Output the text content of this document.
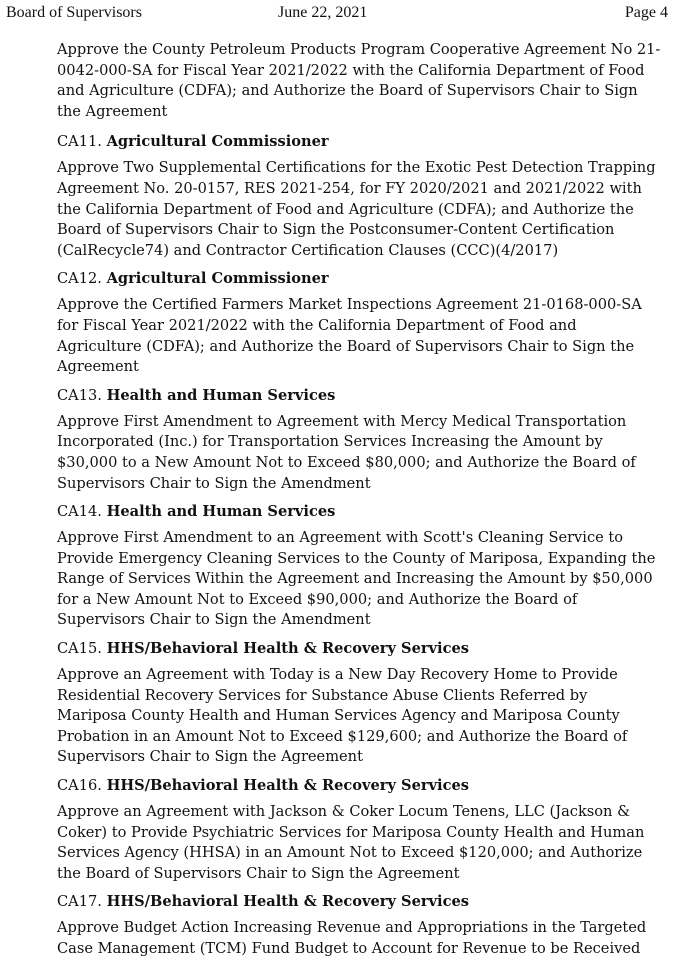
Board of Supervisors	June 22, 2021	Page 4

Approve the County Petroleum Products Program Cooperative Agreement No 21-0042-000-SA for Fiscal Year 2021/2022 with the California Department of Food and Agriculture (CDFA); and Authorize the Board of Supervisors Chair to Sign the Agreement

CA11. Agricultural Commissioner

Approve Two Supplemental Certifications for the Exotic Pest Detection Trapping Agreement No. 20-0157, RES 2021-254, for FY 2020/2021 and 2021/2022 with the California Department of Food and Agriculture (CDFA); and Authorize the Board of Supervisors Chair to Sign the Postconsumer-Content Certification (CalRecycle74) and Contractor Certification Clauses (CCC)(4/2017)

CA12. Agricultural Commissioner

Approve the Certified Farmers Market Inspections Agreement 21-0168-000-SA for Fiscal Year 2021/2022 with the California Department of Food and Agriculture (CDFA); and Authorize the Board of Supervisors Chair to Sign the Agreement

CA13. Health and Human Services

Approve First Amendment to Agreement with Mercy Medical Transportation Incorporated (Inc.) for Transportation Services Increasing the Amount by $30,000 to a New Amount Not to Exceed $80,000; and Authorize the Board of Supervisors Chair to Sign the Amendment

CA14. Health and Human Services

Approve First Amendment to an Agreement with Scott's Cleaning Service to Provide Emergency Cleaning Services to the County of Mariposa, Expanding the Range of Services Within the Agreement and Increasing the Amount by $50,000 for a New Amount Not to Exceed $90,000; and Authorize the Board of Supervisors Chair to Sign the Amendment

CA15. HHS/Behavioral Health & Recovery Services

Approve an Agreement with Today is a New Day Recovery Home to Provide Residential Recovery Services for Substance Abuse Clients Referred by Mariposa County Health and Human Services Agency and Mariposa County Probation in an Amount Not to Exceed $129,600; and Authorize the Board of Supervisors Chair to Sign the Agreement

CA16. HHS/Behavioral Health & Recovery Services

Approve an Agreement with Jackson & Coker Locum Tenens, LLC (Jackson & Coker) to Provide Psychiatric Services for Mariposa County Health and Human Services Agency (HHSA) in an Amount Not to Exceed $120,000; and Authorize the Board of Supervisors Chair to Sign the Agreement

CA17. HHS/Behavioral Health & Recovery Services

Approve Budget Action Increasing Revenue and Appropriations in the Targeted Case Management (TCM) Fund Budget to Account for Revenue to be Received
